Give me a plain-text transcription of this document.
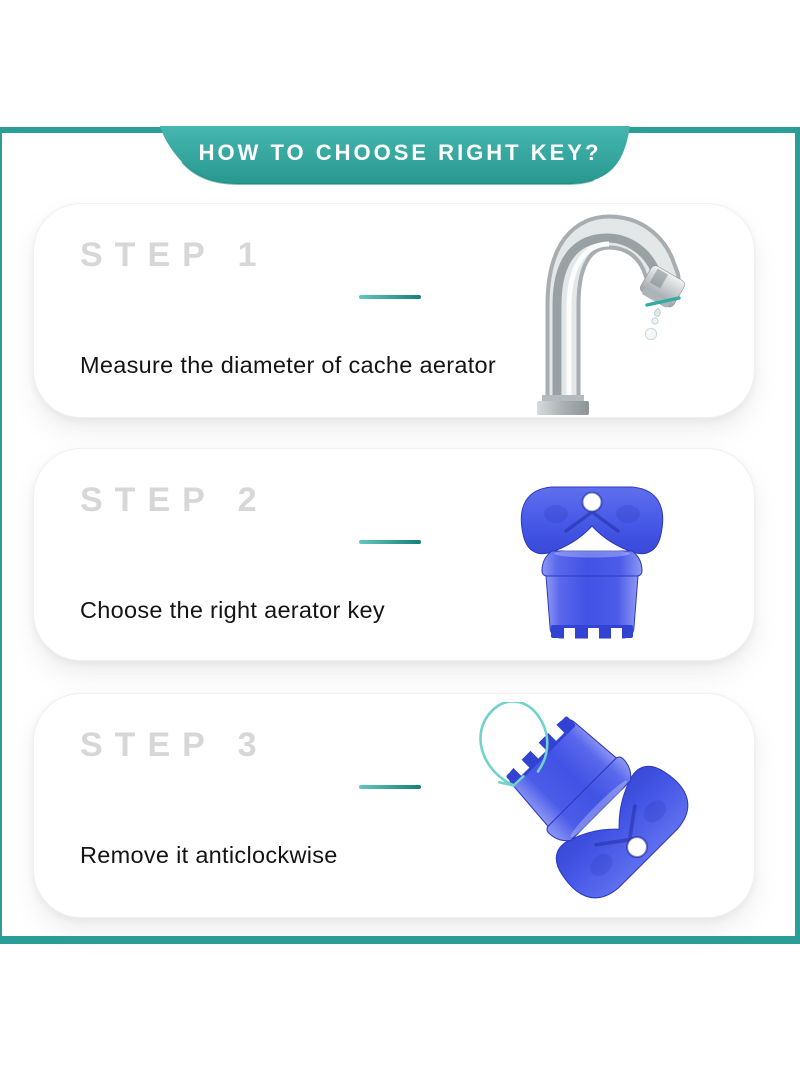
HOW TO CHOOSE RIGHT KEY?
STEP 1
Measure the diameter of cache aerator
STEP 2
Choose the right aerator key
STEP 3
Remove it anticlockwise
